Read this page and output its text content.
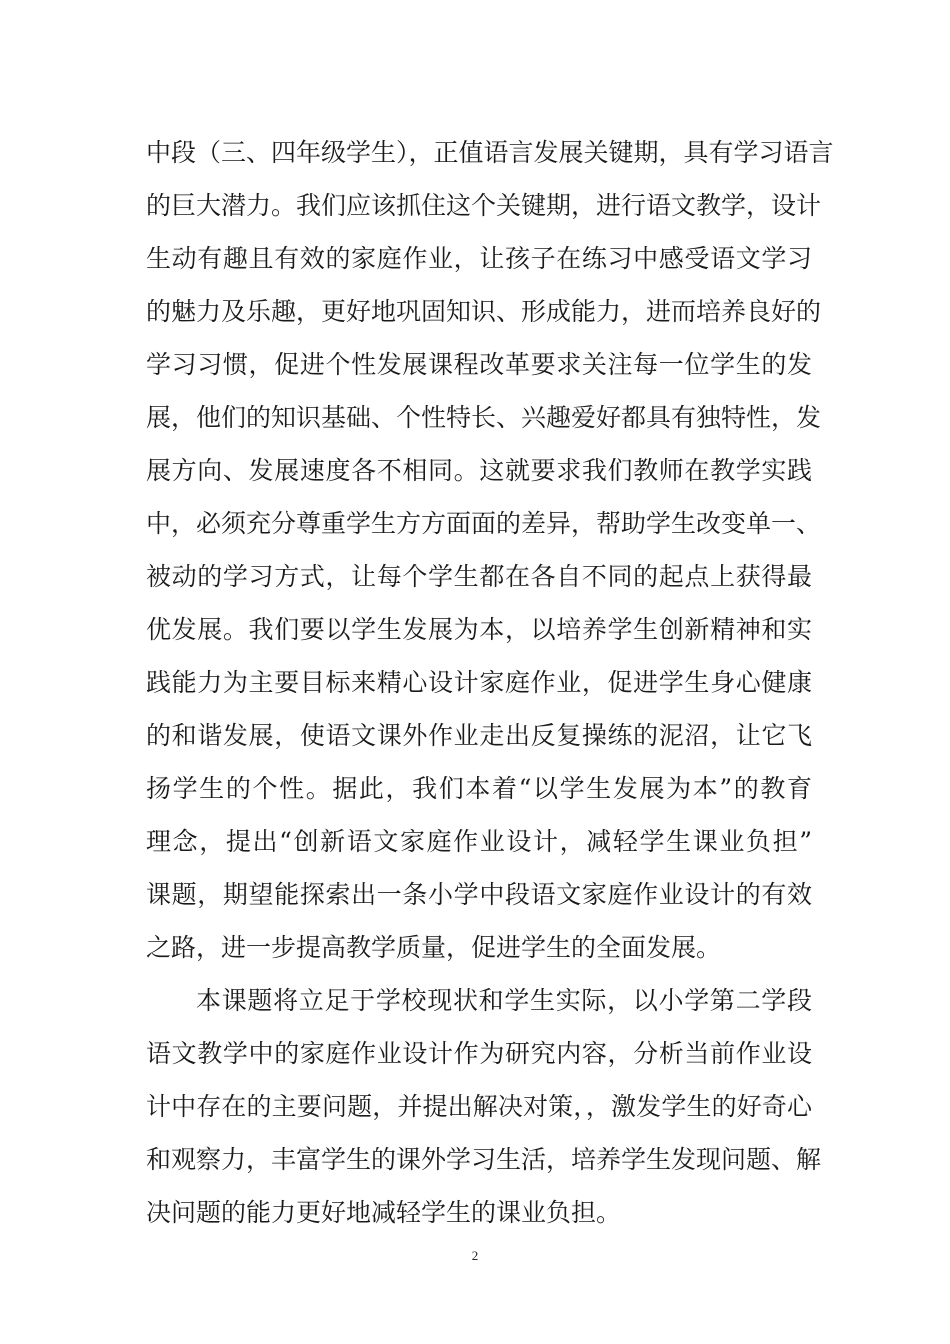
中段（三、四年级学生），正值语言发展关键期，具有学习语言
的巨大潜力。我们应该抓住这个关键期，进行语文教学，设计
生动有趣且有效的家庭作业，让孩子在练习中感受语文学习
的魅力及乐趣，更好地巩固知识、形成能力，进而培养良好的
学习习惯，促进个性发展课程改革要求关注每一位学生的发
展，他们的知识基础、个性特长、兴趣爱好都具有独特性，发
展方向、发展速度各不相同。这就要求我们教师在教学实践
中，必须充分尊重学生方方面面的差异，帮助学生改变单一、
被动的学习方式，让每个学生都在各自不同的起点上获得最
优发展。我们要以学生发展为本，以培养学生创新精神和实
践能力为主要目标来精心设计家庭作业，促进学生身心健康
的和谐发展，使语文课外作业走出反复操练的泥沼，让它飞
扬学生的个性。据此，我们本着“以学生发展为本”的教育
理念，提出“创新语文家庭作业设计，减轻学生课业负担”
课题，期望能探索出一条小学中段语文家庭作业设计的有效
之路，进一步提高教学质量，促进学生的全面发展。
本课题将立足于学校现状和学生实际，以小学第二学段
语文教学中的家庭作业设计作为研究内容，分析当前作业设
计中存在的主要问题，并提出解决对策，，激发学生的好奇心
和观察力，丰富学生的课外学习生活，培养学生发现问题、解
决问题的能力更好地减轻学生的课业负担。
2
